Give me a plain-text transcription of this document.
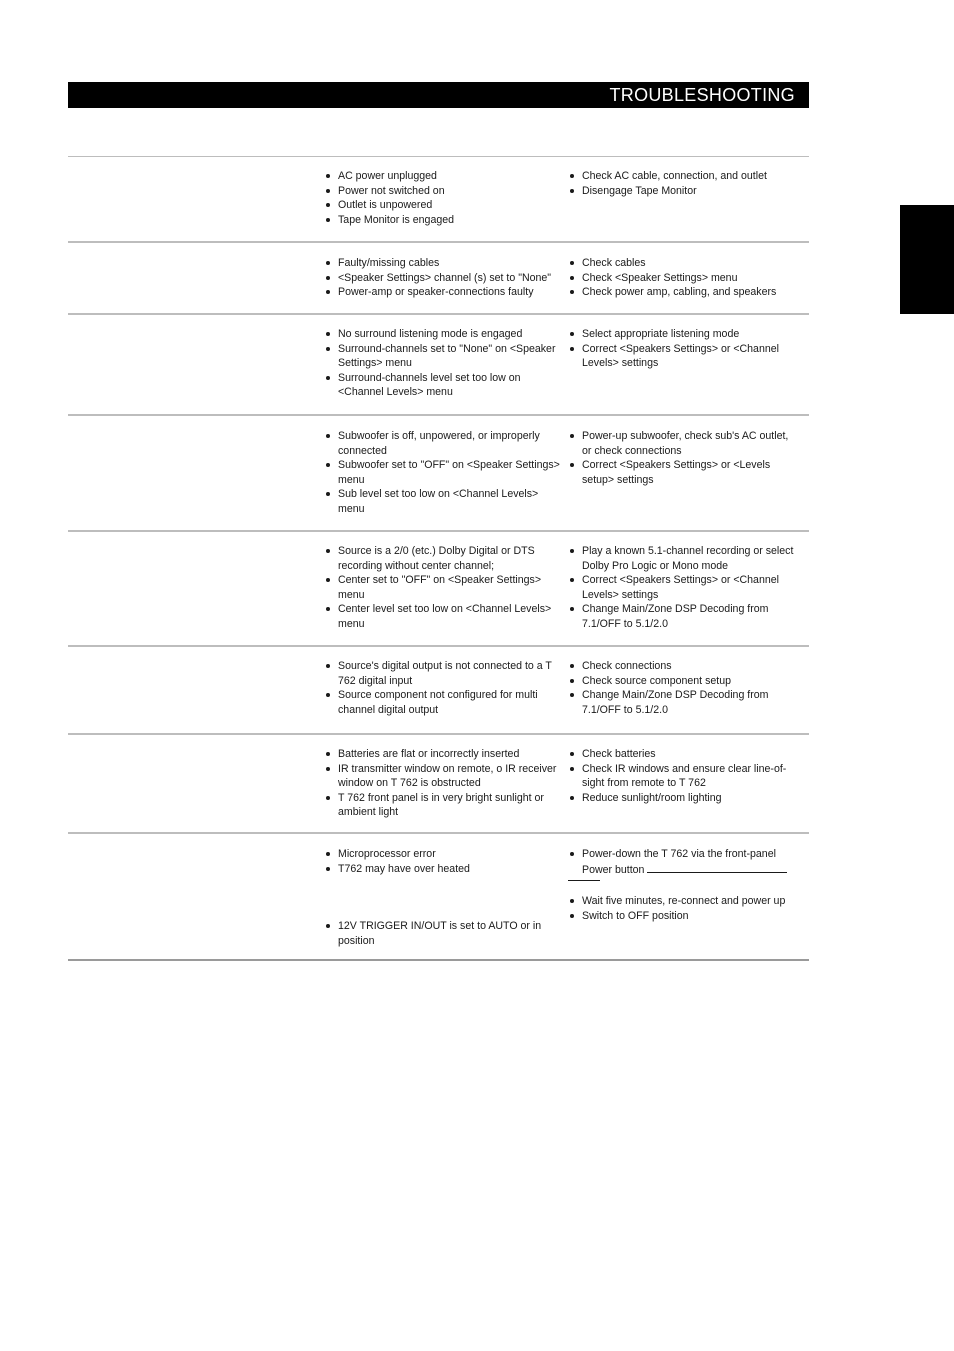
TROUBLESHOOTING
AC power unplugged
Power not switched on
Outlet is unpowered
Tape Monitor is engaged
Check AC cable, connection, and outlet
Disengage Tape Monitor
Faulty/missing cables
<Speaker Settings> channel (s) set to "None"
Power-amp or speaker-connections faulty
Check cables
Check <Speaker Settings> menu
Check power amp, cabling, and speakers
No surround listening mode is engaged
Surround-channels set to "None" on <Speaker Settings> menu
Surround-channels level set too low on <Channel Levels> menu
Select appropriate listening mode
Correct <Speakers Settings> or <Channel Levels> settings
Subwoofer is off, unpowered, or improperly connected
Subwoofer set to "OFF" on <Speaker Settings> menu
Sub level set too low on <Channel Levels> menu
Power-up subwoofer, check sub's AC outlet, or check connections
Correct <Speakers Settings> or <Levels setup> settings
Source is a 2/0 (etc.) Dolby Digital or DTS recording without center channel;
Center set to "OFF" on <Speaker Settings> menu
Center level set too low on <Channel Levels> menu
Play a known 5.1-channel recording or select Dolby Pro Logic or Mono mode
Correct <Speakers Settings> or <Channel Levels> settings
Change Main/Zone DSP Decoding from 7.1/OFF to 5.1/2.0
Source's digital output is not connected to a T 762 digital input
Source component not configured for multi channel digital output
Check connections
Check source component setup
Change Main/Zone DSP Decoding from 7.1/OFF to 5.1/2.0
Batteries are flat or incorrectly inserted
IR transmitter window on remote, o IR receiver window on T 762 is obstructed
T 762 front panel is in very bright sunlight or ambient light
Check batteries
Check IR windows and ensure clear line-of-sight from remote to T 762
Reduce sunlight/room lighting
Microprocessor error
T762 may have over heated
12V TRIGGER IN/OUT is set to AUTO or in position
Power-down the T 762 via the front-panel Power button
Wait five minutes, re-connect and power up
Switch to OFF position
